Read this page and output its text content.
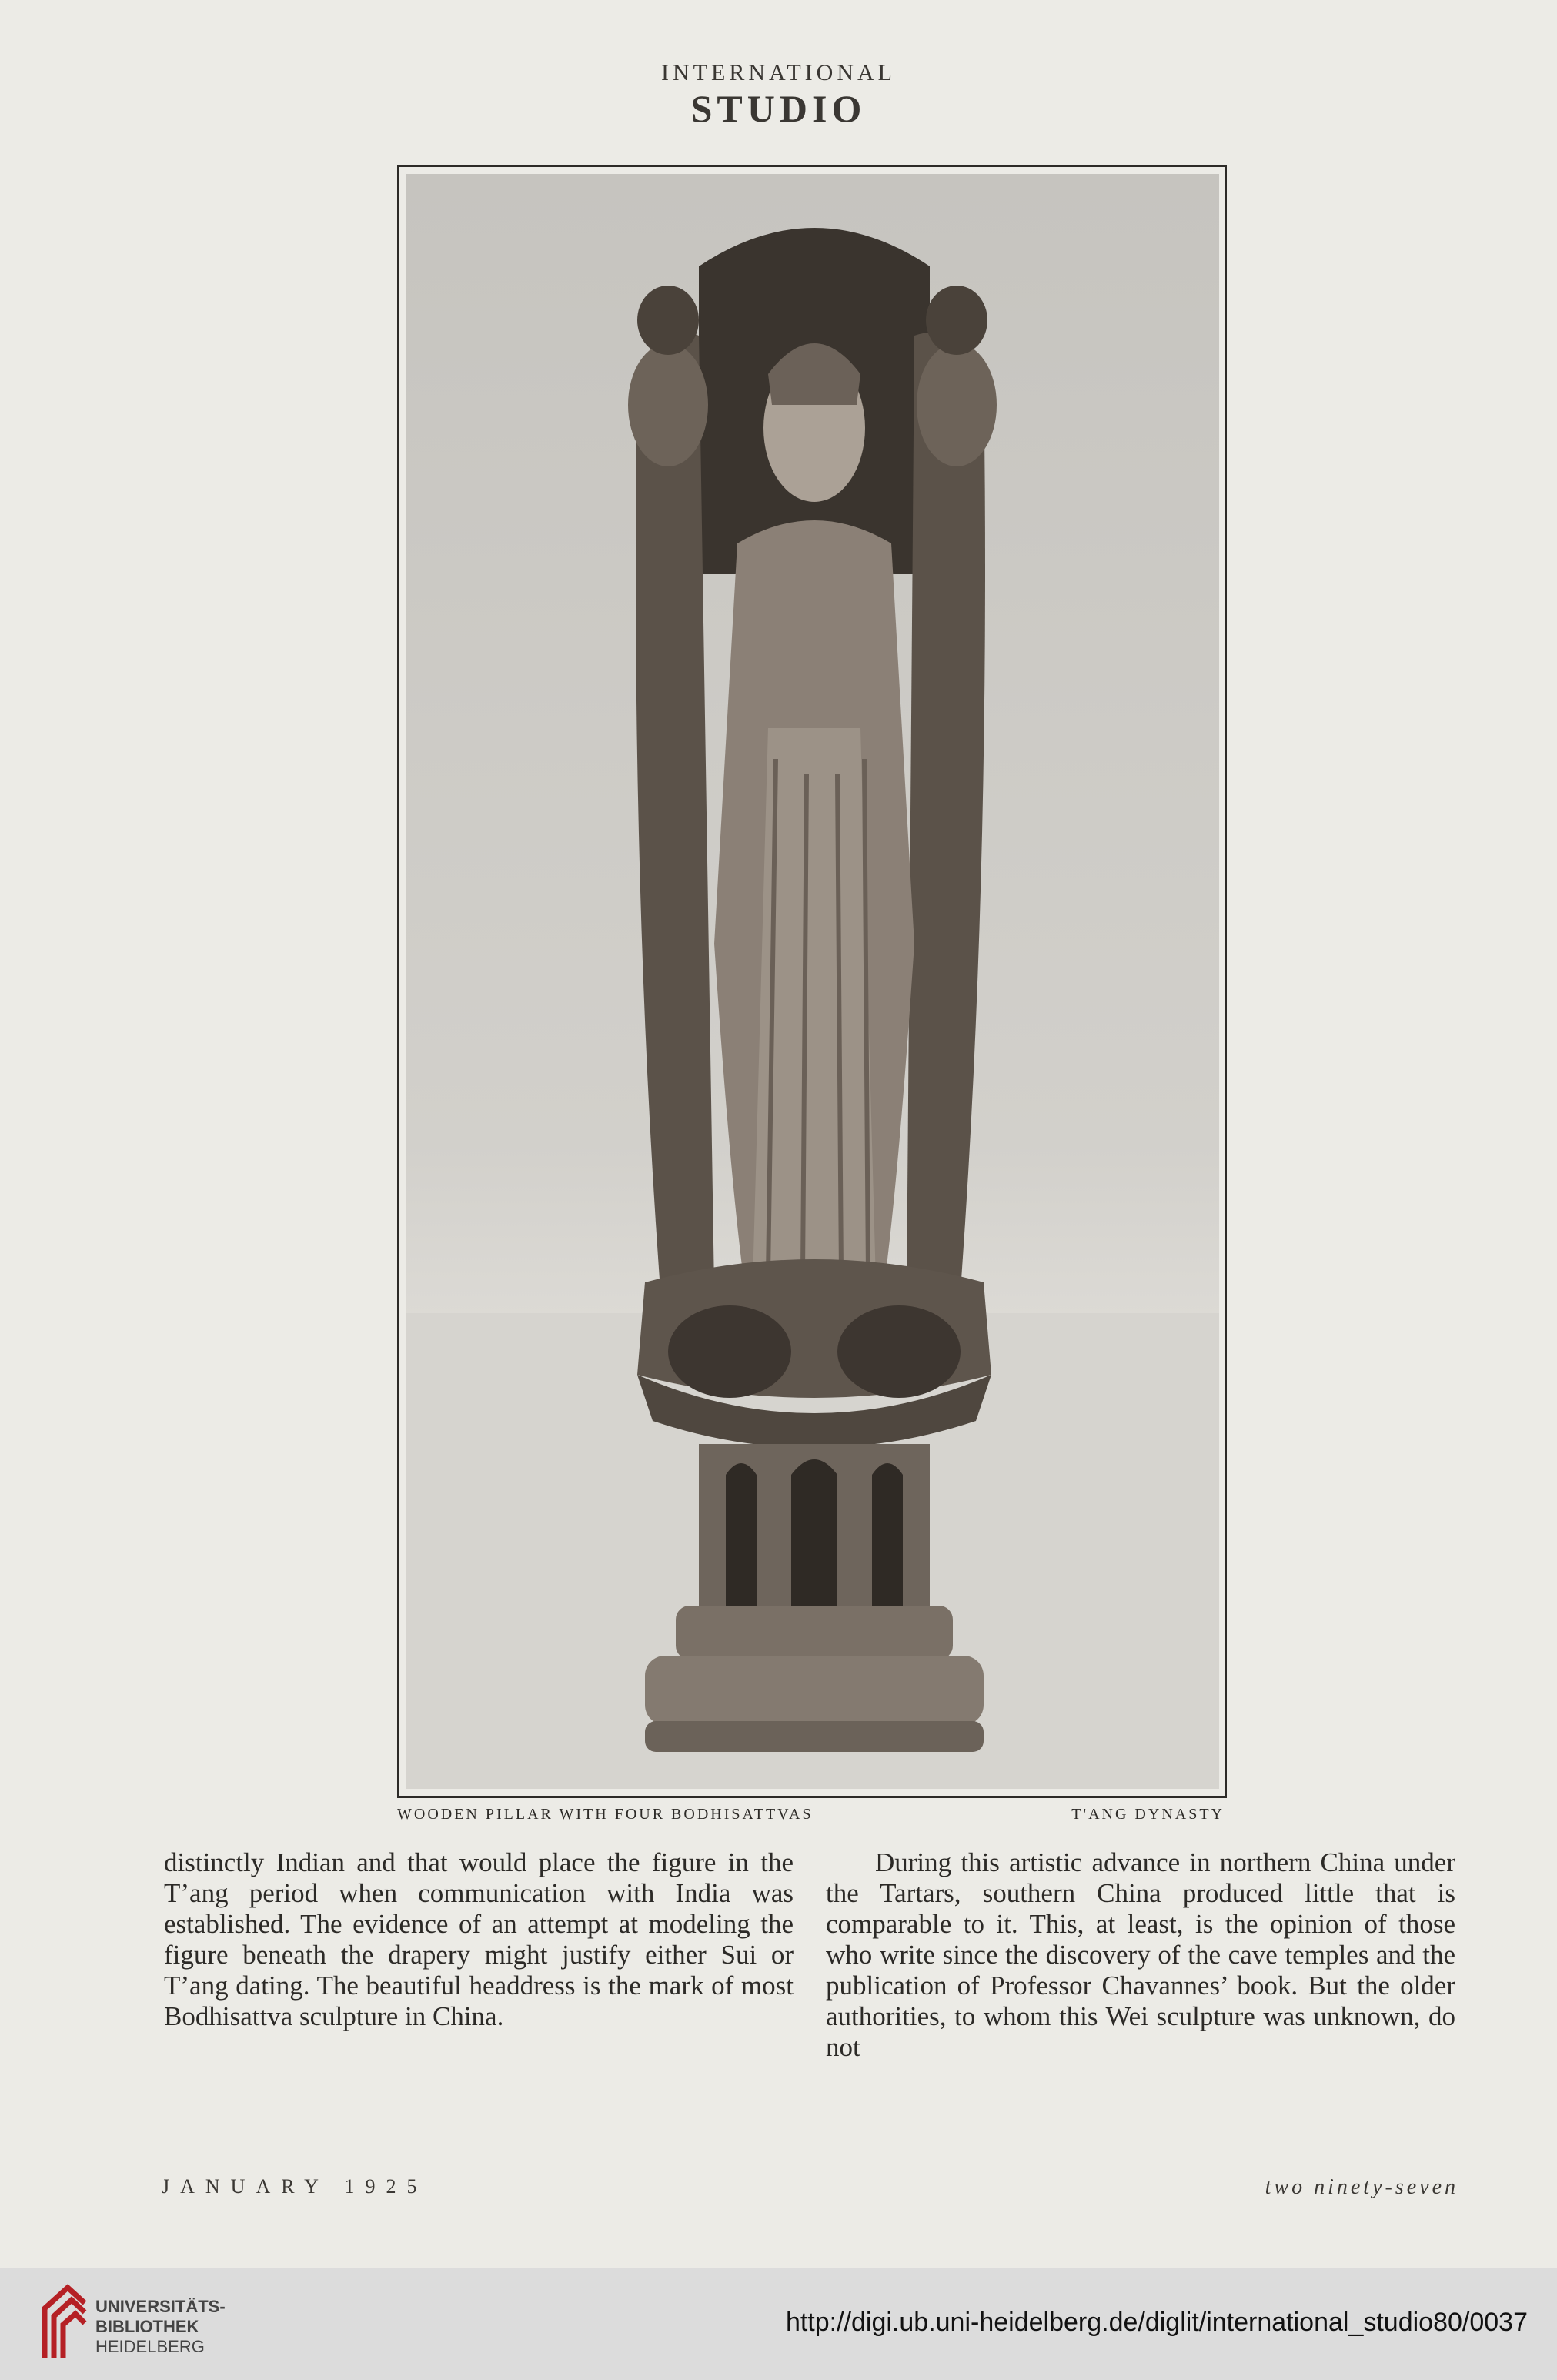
INTERNATIONAL
STUDIO
WOODEN PILLAR WITH FOUR BODHISATTVAS	T'ANG DYNASTY

distinctly Indian and that would place the figure in the T’ang period when communication with India was established. The evidence of an attempt at modeling the figure beneath the drapery might justify either Sui or T’ang dating. The beautiful headdress is the mark of most Bodhisattva sculpture in China.

During this artistic advance in northern China under the Tartars, southern China produced little that is comparable to it. This, at least, is the opinion of those who write since the discovery of the cave temples and the publication of Professor Chavannes’ book. But the older authorities, to whom this Wei sculpture was unknown, do not

JANUARY 1925	two ninety-seven
UNIVERSITÄTS-
BIBLIOTHEK
HEIDELBERG
http://digi.ub.uni-heidelberg.de/diglit/international_studio80/0037
